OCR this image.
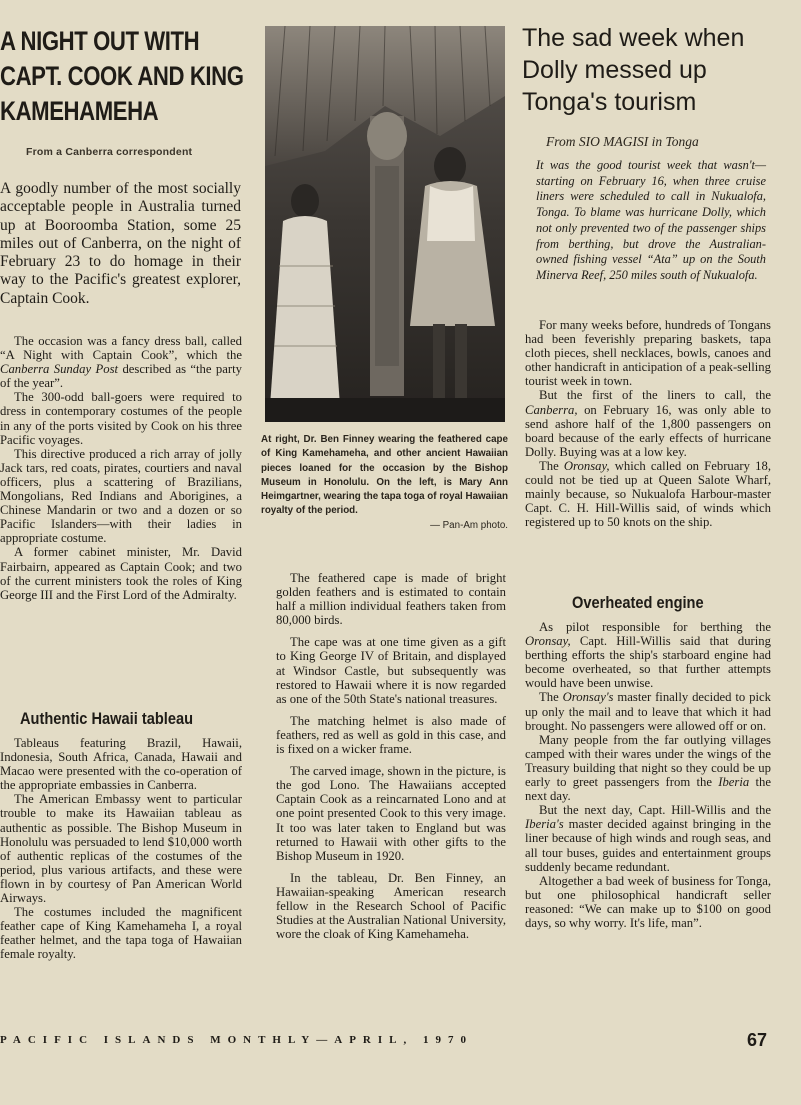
A NIGHT OUT WITH CAPT. COOK AND KING KAMEHAMEHA
From a Canberra correspondent

A goodly number of the most socially acceptable people in Australia turned up at Booroomba Station, some 25 miles out of Canberra, on the night of February 23 to do homage in their way to the Pacific's greatest explorer, Captain Cook.

The occasion was a fancy dress ball, called “A Night with Captain Cook”, which the Canberra Sunday Post described as “the party of the year”.

The 300-odd ball-goers were required to dress in contemporary costumes of the people in any of the ports visited by Cook on his three Pacific voyages.

This directive produced a rich array of jolly Jack tars, red coats, pirates, courtiers and naval officers, plus a scattering of Brazilians, Mongolians, Red Indians and Aborigines, a Chinese Mandarin or two and a dozen or so Pacific Islanders—with their ladies in appropriate costume.

A former cabinet minister, Mr. David Fairbairn, appeared as Captain Cook; and two of the current ministers took the roles of King George III and the First Lord of the Admiralty.

Authentic Hawaii tableau

Tableaus featuring Brazil, Hawaii, Indonesia, South Africa, Canada, Hawaii and Macao were presented with the co-operation of the appropriate embassies in Canberra.

The American Embassy went to particular trouble to make its Hawaiian tableau as authentic as possible. The Bishop Museum in Honolulu was persuaded to lend $10,000 worth of authentic replicas of the costumes of the period, plus various artifacts, and these were flown in by courtesy of Pan American World Airways.

The costumes included the magnificent feather cape of King Kamehameha I, a royal feather helmet, and the tapa toga of Hawaiian female royalty.

At right, Dr. Ben Finney wearing the feathered cape of King Kamehameha, and other ancient Hawaiian pieces loaned for the occasion by the Bishop Museum in Honolulu. On the left, is Mary Ann Heimgartner, wearing the tapa toga of royal Hawaiian royalty of the period.
— Pan-Am photo.

The feathered cape is made of bright golden feathers and is estimated to contain half a million individual feathers taken from 80,000 birds.

The cape was at one time given as a gift to King George IV of Britain, and displayed at Windsor Castle, but subsequently was restored to Hawaii where it is now regarded as one of the 50th State's national treasures.

The matching helmet is also made of feathers, red as well as gold in this case, and is fixed on a wicker frame.

The carved image, shown in the picture, is the god Lono. The Hawaiians accepted Captain Cook as a reincarnated Lono and at one point presented Cook to this very image. It too was later taken to England but was returned to Hawaii with other gifts to the Bishop Museum in 1920.

In the tableau, Dr. Ben Finney, an Hawaiian-speaking American research fellow in the Research School of Pacific Studies at the Australian National University, wore the cloak of King Kamehameha.

The sad week when Dolly messed up Tonga's tourism
From SIO MAGISI in Tonga

It was the good tourist week that wasn't—starting on February 16, when three cruise liners were scheduled to call in Nukualofa, Tonga. To blame was hurricane Dolly, which not only prevented two of the passenger ships from berthing, but drove the Australian-owned fishing vessel “Ata” up on the South Minerva Reef, 250 miles south of Nukualofa.

For many weeks before, hundreds of Tongans had been feverishly preparing baskets, tapa cloth pieces, shell necklaces, bowls, canoes and other handicraft in anticipation of a peak-selling tourist week in town.

But the first of the liners to call, the Canberra, on February 16, was only able to send ashore half of the 1,800 passengers on board because of the early effects of hurricane Dolly. Buying was at a low key.

The Oronsay, which called on February 18, could not be tied up at Queen Salote Wharf, mainly because, so Nukualofa Harbour-master Capt. C. H. Hill-Willis said, of winds which registered up to 50 knots on the ship.

Overheated engine

As pilot responsible for berthing the Oronsay, Capt. Hill-Willis said that during berthing efforts the ship's starboard engine had become overheated, so that further attempts would have been unwise.

The Oronsay's master finally decided to pick up only the mail and to leave that which it had brought. No passengers were allowed off or on.

Many people from the far outlying villages camped with their wares under the wings of the Treasury building that night so they could be up early to greet passengers from the Iberia the next day.

But the next day, Capt. Hill-Willis and the Iberia's master decided against bringing in the liner because of high winds and rough seas, and all tour buses, guides and entertainment groups suddenly became redundant.

Altogether a bad week of business for Tonga, but one philosophical handicraft seller reasoned: “We can make up to $100 on good days, so why worry. It's life, man”.

PACIFIC ISLANDS MONTHLY—APRIL, 1970	67
